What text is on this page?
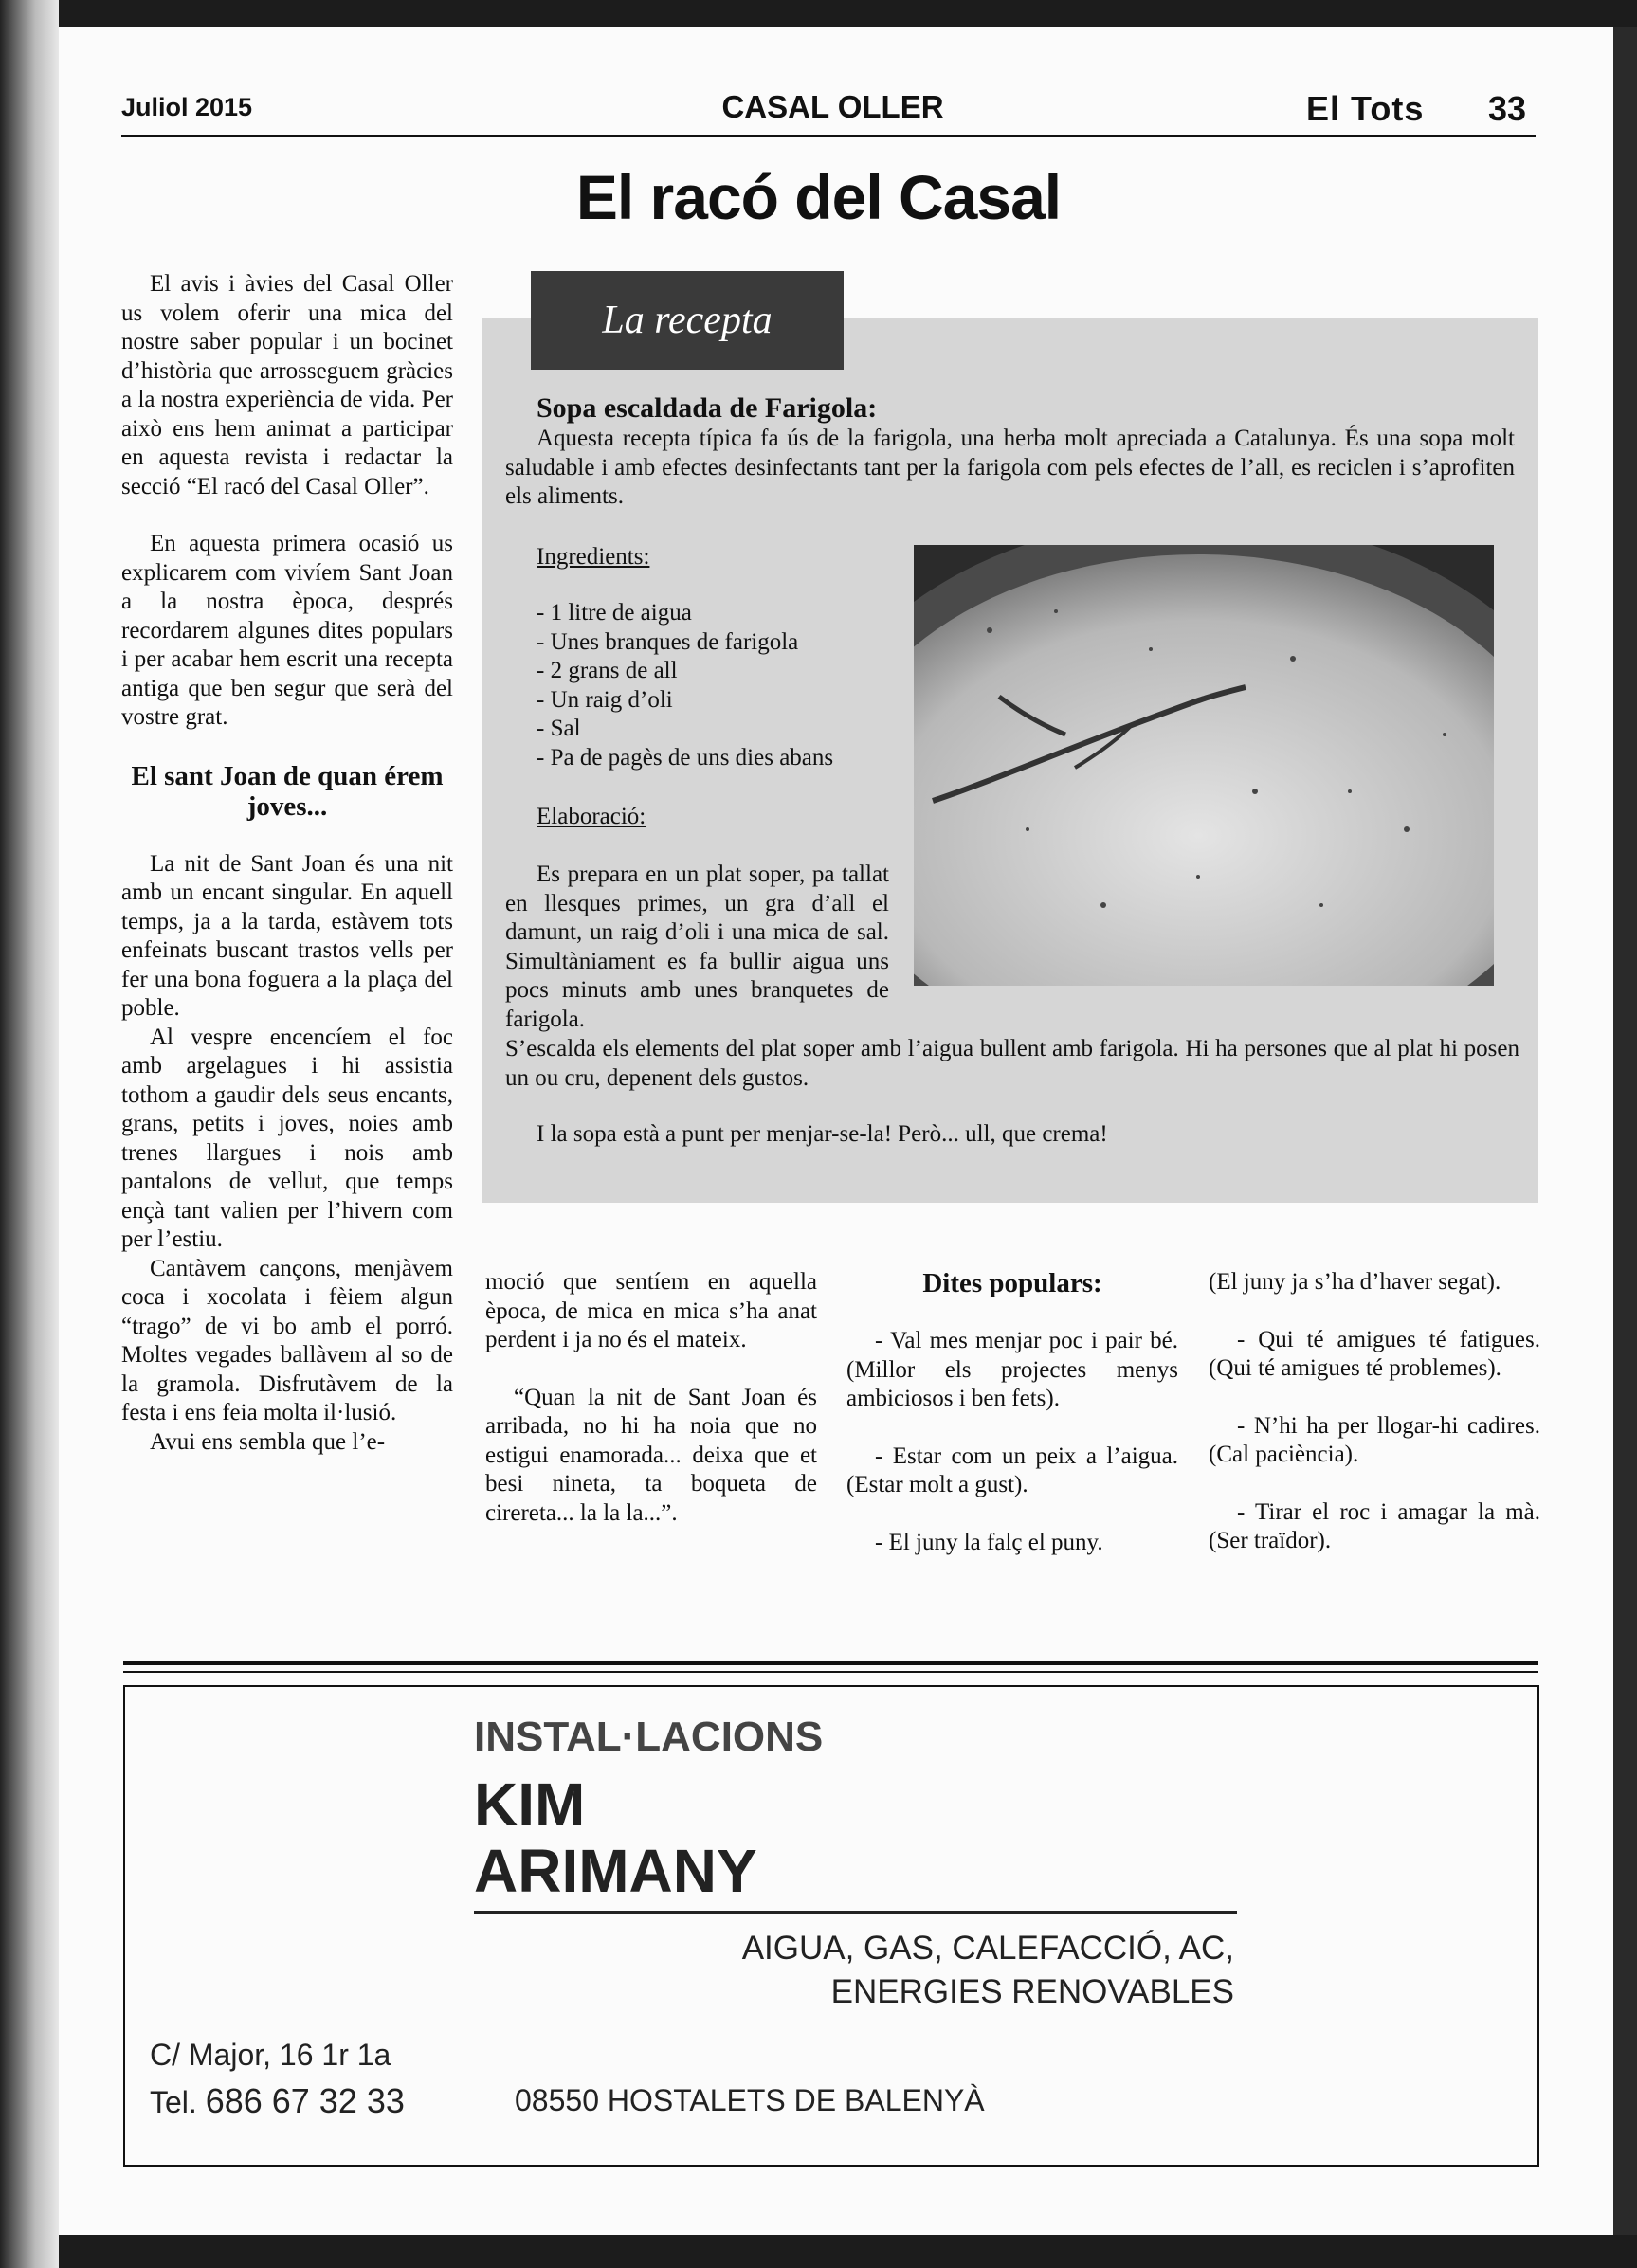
Juliol 2015	CASAL OLLER	El Tots 33
El racó del Casal

El avis i àvies del Casal Oller us volem oferir una mica del nostre saber popular i un bocinet d’història que arrosseguem gràcies a la nostra experiència de vida. Per això ens hem animat a participar en aquesta revista i redactar la secció “El racó del Casal Oller”.

En aquesta primera ocasió us explicarem com vivíem Sant Joan a la nostra època, després recordarem algunes dites populars i per acabar hem escrit una recepta antiga que ben segur que serà del vostre grat.

El sant Joan de quan érem joves...

La nit de Sant Joan és una nit amb un encant singular. En aquell temps, ja a la tarda, estàvem tots enfeinats buscant trastos vells per fer una bona foguera a la plaça del poble.

Al vespre encencíem el foc amb argelagues i hi assistia tothom a gaudir dels seus encants, grans, petits i joves, noies amb trenes llargues i nois amb pantalons de vellut, que temps ençà tant valien per l’hivern com per l’estiu.

Cantàvem cançons, menjàvem coca i xocolata i fèiem algun “trago” de vi bo amb el porró. Moltes vegades ballàvem al so de la gramola. Disfrutàvem de la festa i ens feia molta il·lusió.

Avui ens sembla que l’e-

La recepta
Sopa escaldada de Farigola:

Aquesta recepta típica fa ús de la farigola, una herba molt apreciada a Catalunya. És una sopa molt saludable i amb efectes desinfectants tant per la farigola com pels efectes de l’all, es reciclen i s’aprofiten els aliments.

Ingredients:
- 1 litre de aigua
- Unes branques de farigola
- 2 grans de all
- Un raig d’oli
- Sal
- Pa de pagès de uns dies abans
Elaboració:

Es prepara en un plat soper, pa tallat en llesques primes, un gra d’all el damunt, un raig d’oli i una mica de sal. Simultàniament es fa bullir aigua uns pocs minuts amb unes branquetes de farigola.

S’escalda els elements del plat soper amb l’aigua bullent amb farigola. Hi ha persones que al plat hi posen un ou cru, depenent dels gustos.

I la sopa està a punt per menjar-se-la! Però... ull, que crema!

moció que sentíem en aquella època, de mica en mica s’ha anat perdent i ja no és el mateix.

“Quan la nit de Sant Joan és arribada, no hi ha noia que no estigui enamorada... deixa que et besi nineta, ta boqueta de cirereta... la la la...”.

Dites populars:

- Val mes menjar poc i pair bé. (Millor els projectes menys ambiciosos i ben fets).

- Estar com un peix a l’aigua. (Estar molt a gust).

- El juny la falç el puny.

(El juny ja s’ha d’haver segat).

- Qui té amigues té fatigues. (Qui té amigues té problemes).

- N’hi ha per llogar-hi cadires. (Cal paciència).

- Tirar el roc i amagar la mà. (Ser traïdor).

INSTAL·LACIONS
KIM
ARIMANY
AIGUA, GAS, CALEFACCIÓ, AC,
ENERGIES RENOVABLES
C/ Major, 16 1r 1a
Tel. 686 67 32 33	08550 HOSTALETS DE BALENYÀ
